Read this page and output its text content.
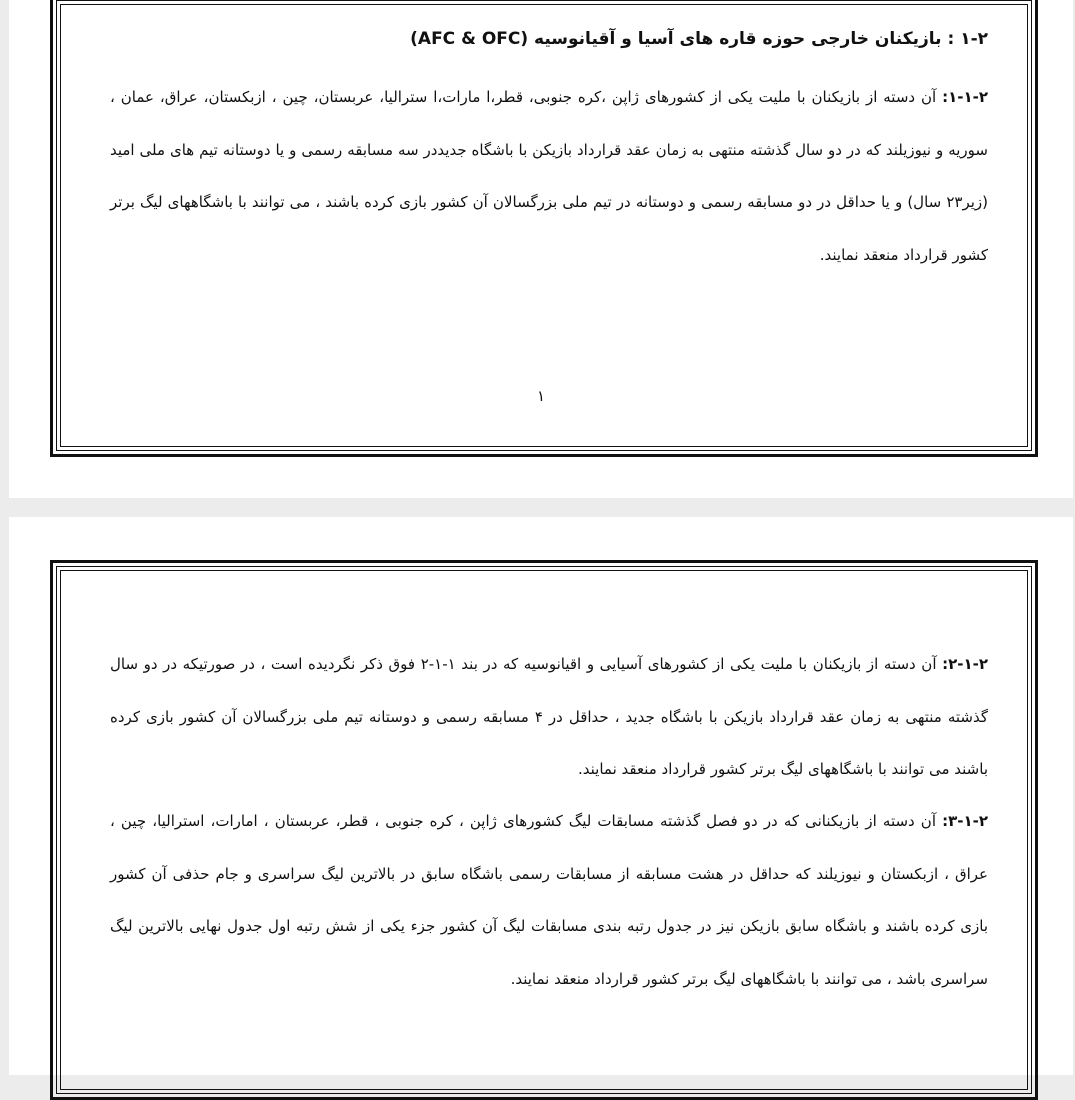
۱-۲ : بازیکنان خارجی حوزه قاره های آسیا و آقیانوسیه (AFC & OFC)
۱-۱-۲: آن دسته از بازیکنان با ملیت یکی از کشورهای ژاپن ،کره جنوبی، قطر،ا مارات،ا سترالیا، عربستان، چین ، ازبکستان، عراق، عمان ، سوریه و نیوزیلند که در دو سال گذشته منتهی به زمان عقد قرارداد بازیکن با باشگاه جدیددر سه مسابقه رسمی و یا دوستانه تیم های ملی امید (زیر۲۳ سال) و یا حداقل در دو مسابقه رسمی و دوستانه در تیم ملی بزرگسالان آن کشور بازی کرده باشند ، می توانند با باشگاههای لیگ برتر کشور قرارداد منعقد نمایند.
۱
۲-۱-۲: آن دسته از بازیکنان با ملیت یکی از کشورهای آسیایی و اقیانوسیه که در بند ۱-۱-۲ فوق ذکر نگردیده است ، در صورتیکه در دو سال گذشته منتهی به زمان عقد قرارداد بازیکن با باشگاه جدید ، حداقل در ۴ مسابقه رسمی و دوستانه تیم ملی بزرگسالان آن کشور بازی کرده باشند می توانند با باشگاههای لیگ برتر کشور قرارداد منعقد نمایند.
۳-۱-۲: آن دسته از بازیکنانی که در دو فصل گذشته مسابقات لیگ کشورهای ژاپن ، کره جنوبی ، قطر، عربستان ، امارات، استرالیا، چین ، عراق ، ازبکستان و نیوزیلند که حداقل در هشت مسابقه از مسابقات رسمی باشگاه سابق در بالاترین لیگ سراسری و جام حذفی آن کشور بازی کرده باشند و باشگاه سابق بازیکن نیز در جدول رتبه بندی مسابقات لیگ آن کشور جزء یکی از شش رتبه اول جدول نهایی بالاترین لیگ سراسری باشد ، می توانند با باشگاههای لیگ برتر کشور قرارداد منعقد نمایند.
